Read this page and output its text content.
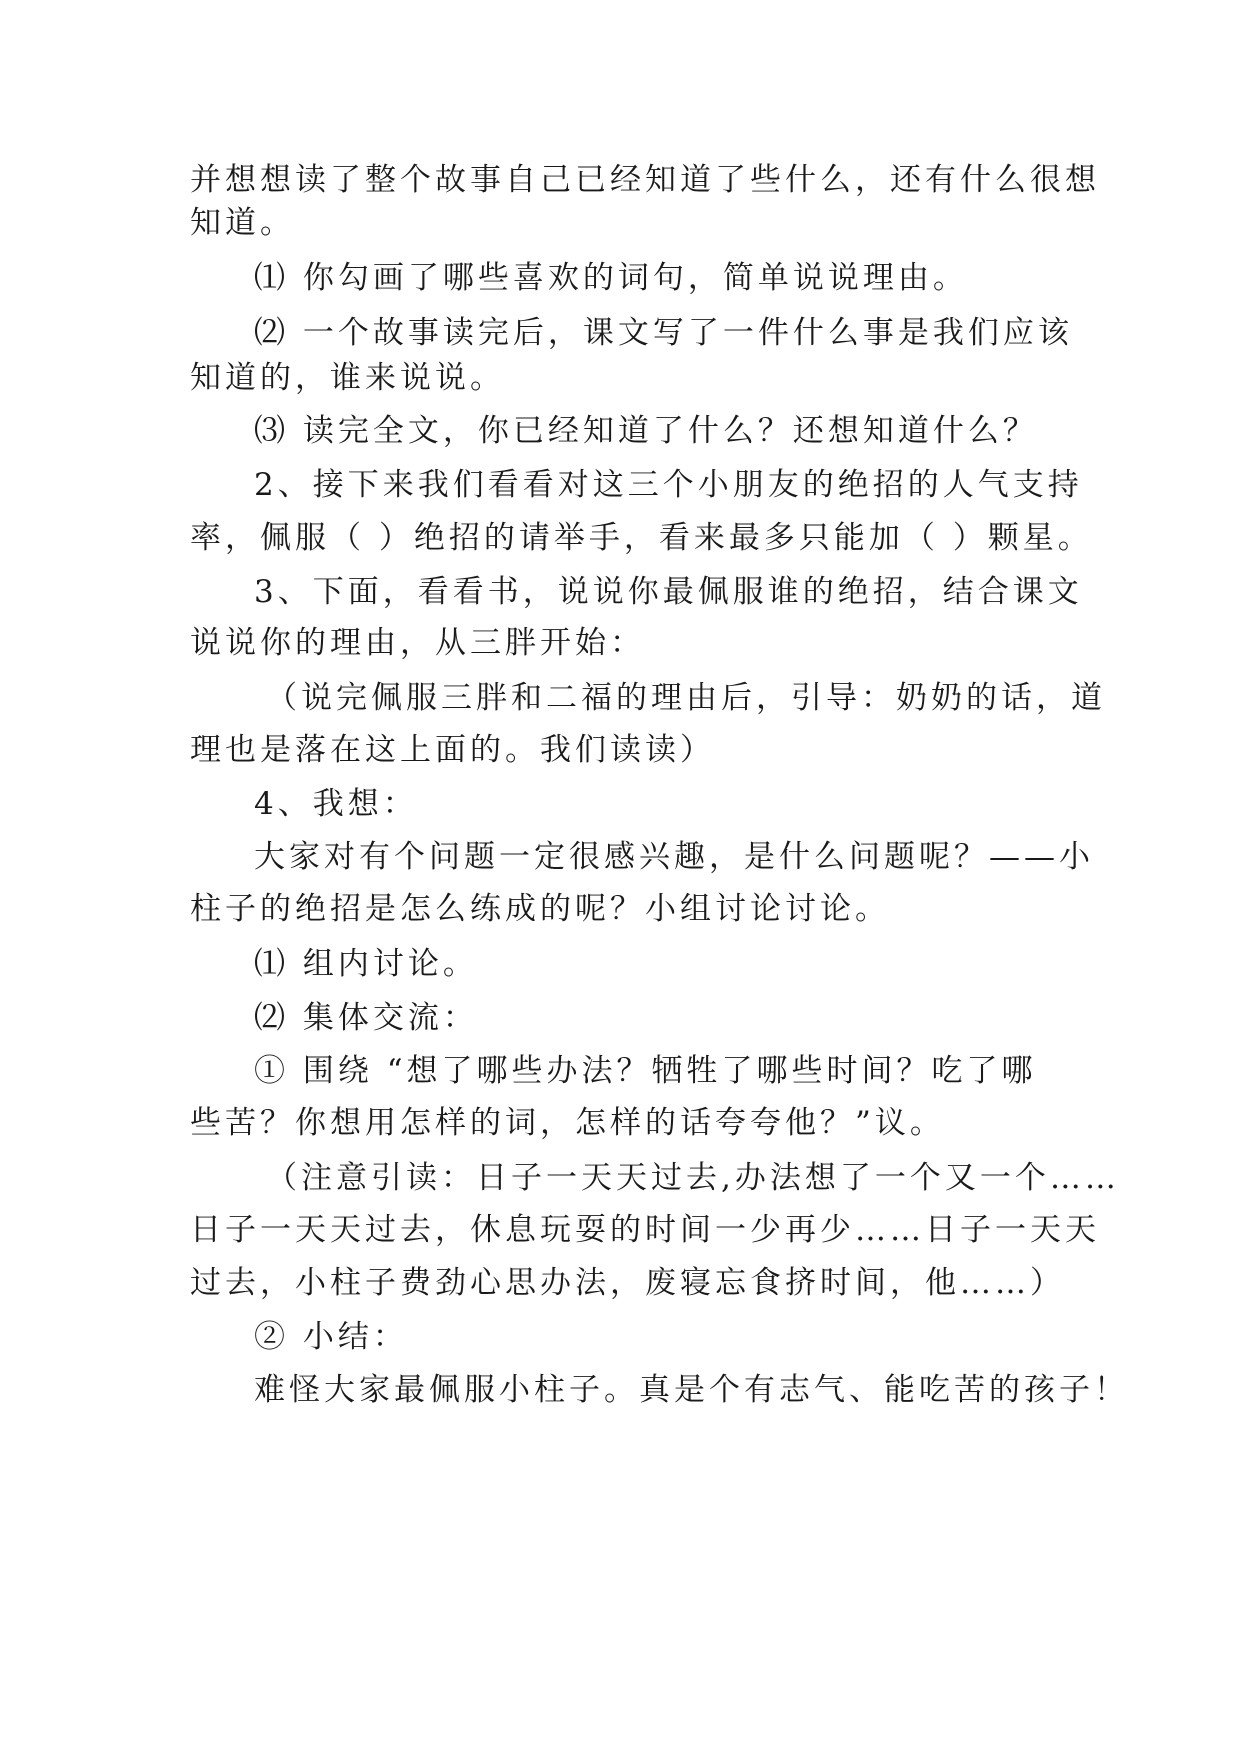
并想想读了整个故事自己已经知道了些什么，还有什么很想
知道。
⑴ 你勾画了哪些喜欢的词句，简单说说理由。
⑵ 一个故事读完后，课文写了一件什么事是我们应该
知道的，谁来说说。
⑶ 读完全文，你已经知道了什么？还想知道什么？
2、接下来我们看看对这三个小朋友的绝招的人气支持
率，佩服（ ）绝招的请举手，看来最多只能加（ ）颗星。
3、下面，看看书，说说你最佩服谁的绝招，结合课文
说说你的理由，从三胖开始：
（说完佩服三胖和二福的理由后，引导：奶奶的话，道
理也是落在这上面的。我们读读）
4、我想：
大家对有个问题一定很感兴趣，是什么问题呢？——小
柱子的绝招是怎么练成的呢？小组讨论讨论。
⑴ 组内讨论。
⑵ 集体交流：
① 围绕 “想了哪些办法？牺牲了哪些时间？吃了哪
些苦？你想用怎样的词，怎样的话夸夸他？”议。
（注意引读：日子一天天过去,办法想了一个又一个……
日子一天天过去，休息玩耍的时间一少再少……日子一天天
过去，小柱子费劲心思办法，废寝忘食挤时间，他……）
② 小结：
难怪大家最佩服小柱子。真是个有志气、能吃苦的孩子！
